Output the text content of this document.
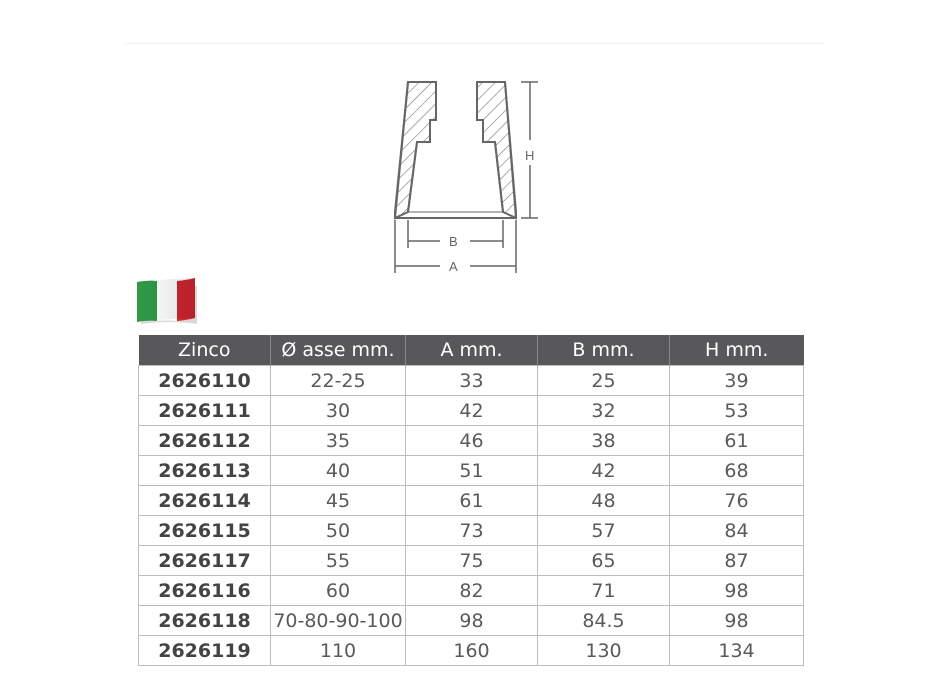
H
B
A
Zinco	Ø asse mm.	A mm.	B mm.	H mm.
2626110	22-25	33	25	39
2626111	30	42	32	53
2626112	35	46	38	61
2626113	40	51	42	68
2626114	45	61	48	76
2626115	50	73	57	84
2626117	55	75	65	87
2626116	60	82	71	98
2626118	70-80-90-100	98	84.5	98
2626119	110	160	130	134
